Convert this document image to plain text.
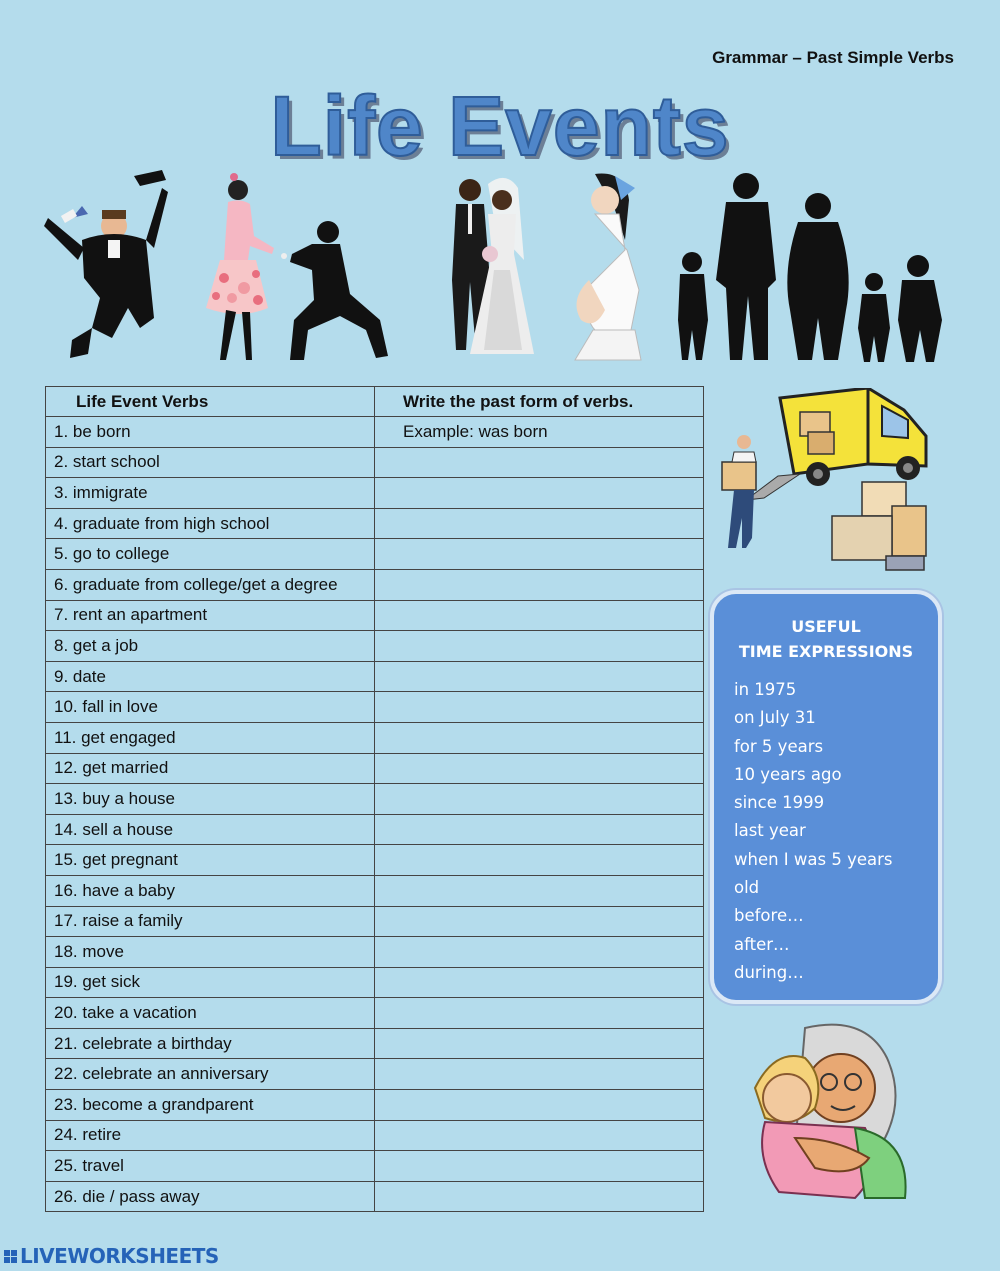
Grammar – Past Simple Verbs
Life Events
Life Event Verbs	Write the past form of verbs.
1. be born	Example: was born
2. start school	
3. immigrate	
4. graduate from high school	
5. go to college	
6. graduate from college/get a degree	
7. rent an apartment	
8. get a job	
9. date	
10. fall in love	
11. get engaged	
12. get married	
13. buy a house	
14. sell a house	
15. get pregnant	
16. have a baby	
17. raise a family	
18. move	
19. get sick	
20. take a vacation	
21. celebrate a birthday	
22. celebrate an anniversary	
23. become a grandparent	
24. retire	
25. travel	
26. die / pass away	
USEFUL
TIME EXPRESSIONS
in 1975
on July 31
for 5 years
10 years ago
since 1999
last year
when I was 5 years
old
before…
after…
during…
LIVEWORKSHEETS
